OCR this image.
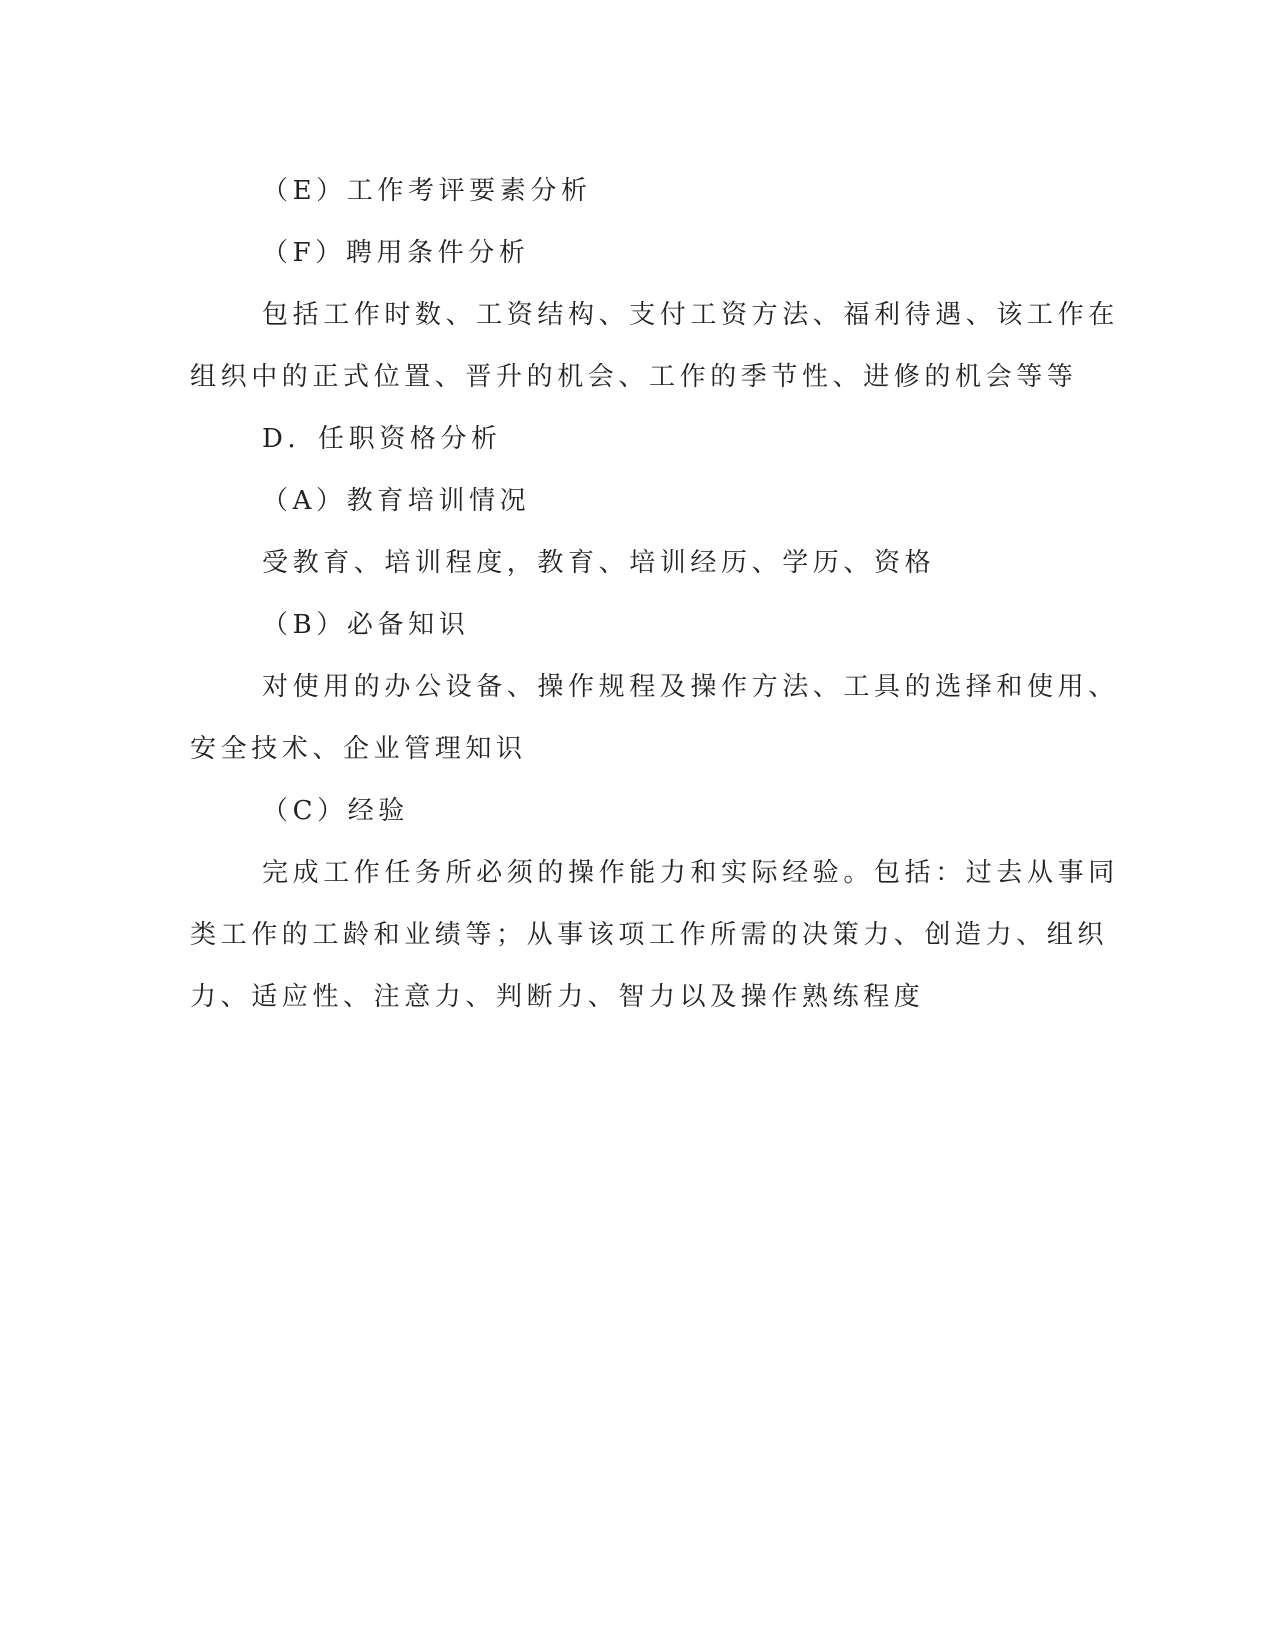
（E）工作考评要素分析
（F）聘用条件分析
包括工作时数、工资结构、支付工资方法、福利待遇、该工作在
组织中的正式位置、晋升的机会、工作的季节性、进修的机会等等
D．任职资格分析
（A）教育培训情况
受教育、培训程度，教育、培训经历、学历、资格
（B）必备知识
对使用的办公设备、操作规程及操作方法、工具的选择和使用、
安全技术、企业管理知识
（C）经验
完成工作任务所必须的操作能力和实际经验。包括：过去从事同
类工作的工龄和业绩等；从事该项工作所需的决策力、创造力、组织
力、适应性、注意力、判断力、智力以及操作熟练程度
